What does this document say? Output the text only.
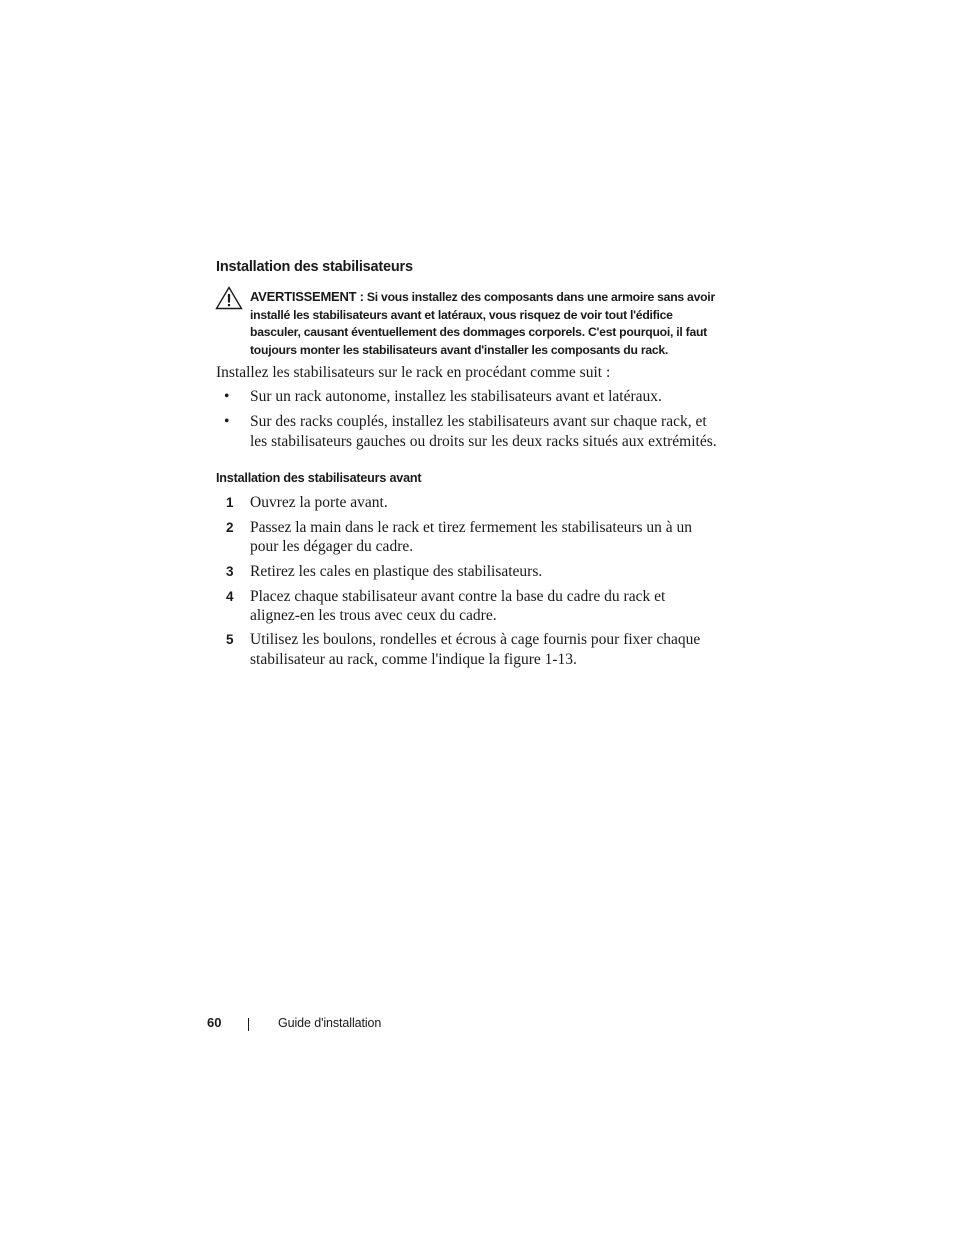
Installation des stabilisateurs
AVERTISSEMENT : Si vous installez des composants dans une armoire sans avoir installé les stabilisateurs avant et latéraux, vous risquez de voir tout l'édifice basculer, causant éventuellement des dommages corporels. C'est pourquoi, il faut toujours monter les stabilisateurs avant d'installer les composants du rack.
Installez les stabilisateurs sur le rack en procédant comme suit :
• Sur un rack autonome, installez les stabilisateurs avant et latéraux.
• Sur des racks couplés, installez les stabilisateurs avant sur chaque rack, et
les stabilisateurs gauches ou droits sur les deux racks situés aux extrémités.
Installation des stabilisateurs avant
1 Ouvrez la porte avant.
2 Passez la main dans le rack et tirez fermement les stabilisateurs un à un
pour les dégager du cadre.
3 Retirez les cales en plastique des stabilisateurs.
4 Placez chaque stabilisateur avant contre la base du cadre du rack et
alignez-en les trous avec ceux du cadre.
5 Utilisez les boulons, rondelles et écrous à cage fournis pour fixer chaque
stabilisateur au rack, comme l'indique la figure 1-13.
60	Guide d'installation
